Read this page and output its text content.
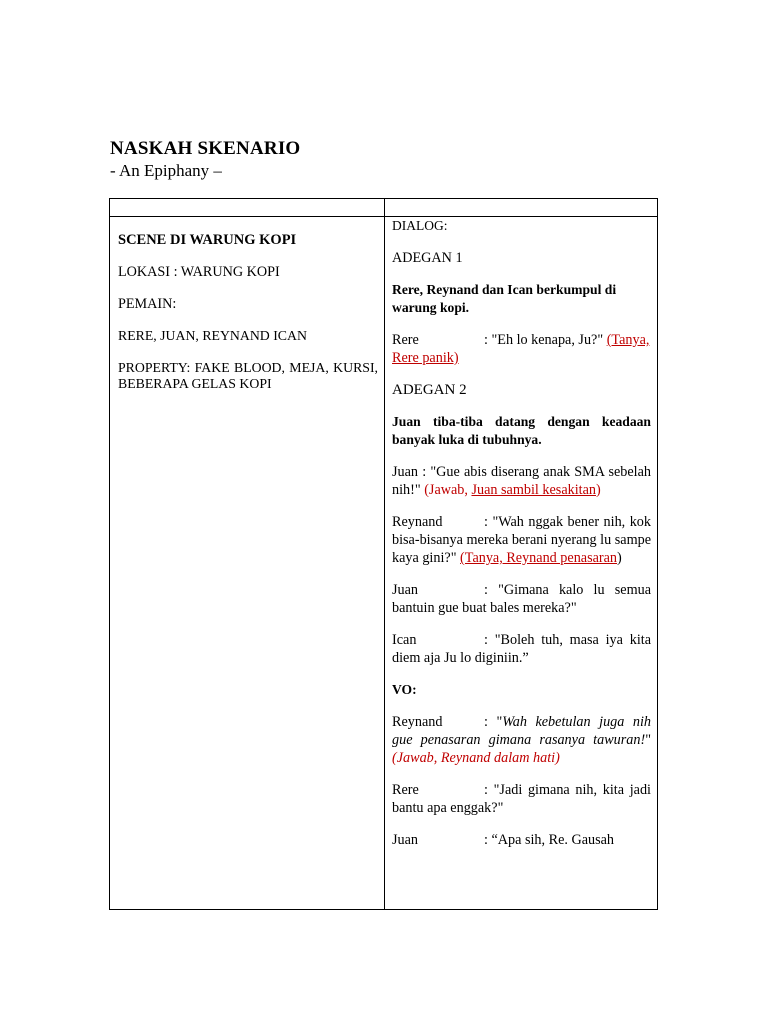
NASKAH SKENARIO
- An Epiphany –

SCENE DI WARUNG KOPI

LOKASI : WARUNG KOPI

PEMAIN:

RERE, JUAN, REYNAND ICAN

PROPERTY: FAKE BLOOD, MEJA, KURSI, BEBERAPA GELAS KOPI

DIALOG:

ADEGAN 1

Rere, Reynand dan Ican berkumpul di warung kopi.

Rere	: "Eh lo kenapa, Ju?" (Tanya, Rere panik)

ADEGAN 2

Juan tiba-tiba datang dengan keadaan banyak luka di tubuhnya.

Juan : "Gue abis diserang anak SMA sebelah nih!" (Jawab, Juan sambil kesakitan)

Reynand	: "Wah nggak bener nih, kok bisa-bisanya mereka berani nyerang lu sampe kaya gini?" (Tanya, Reynand penasaran)

Juan	: "Gimana kalo lu semua bantuin gue buat bales mereka?"

Ican	: "Boleh tuh, masa iya kita diem aja Ju lo diginiin.”

VO:

Reynand	: "Wah kebetulan juga nih gue penasaran gimana rasanya tawuran!" (Jawab, Reynand dalam hati)

Rere	: "Jadi gimana nih, kita jadi bantu apa enggak?"

Juan	: “Apa sih, Re. Gausah
